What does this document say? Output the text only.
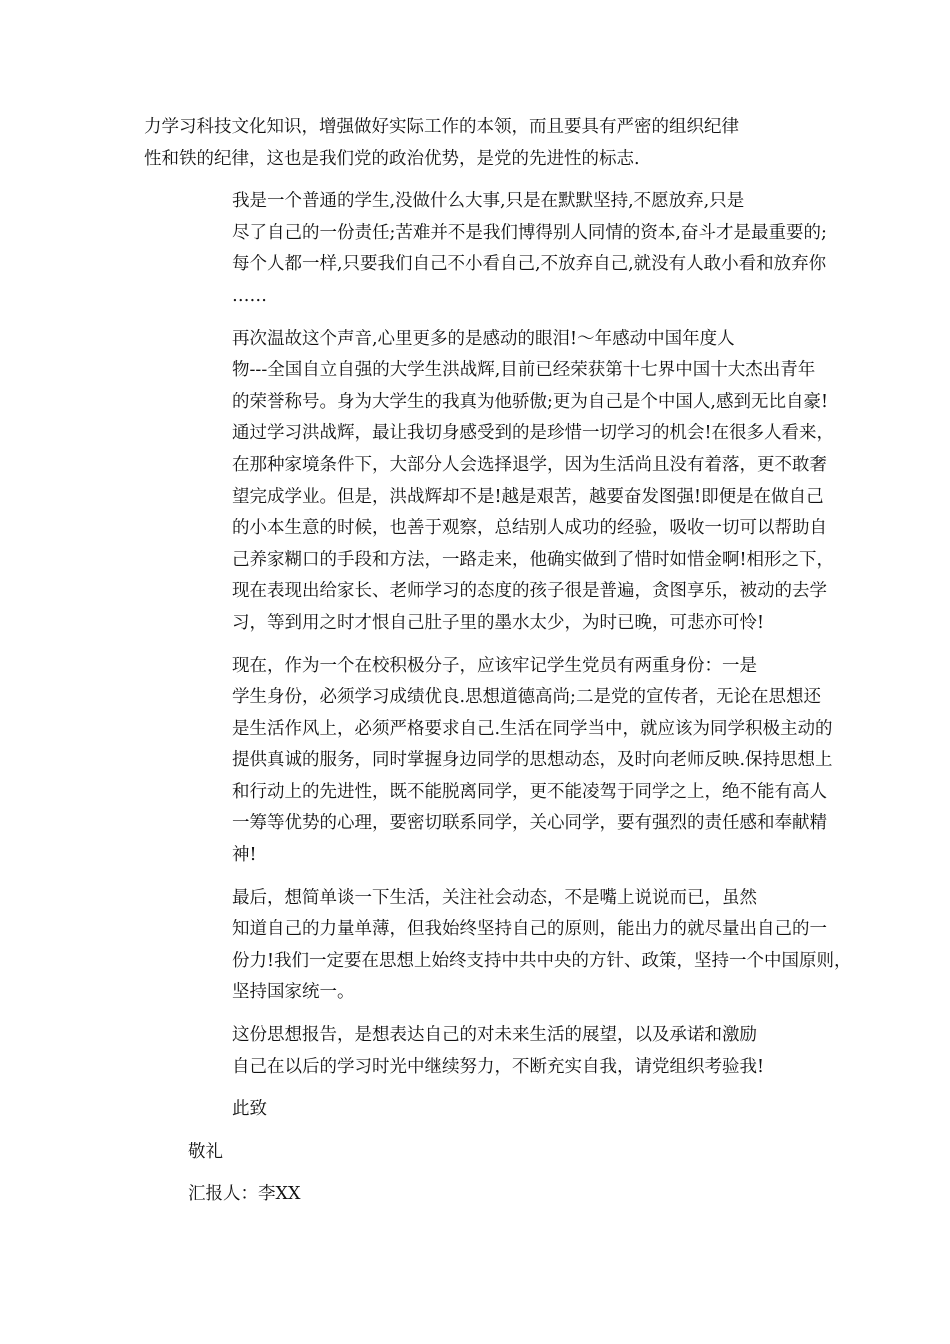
力学习科技文化知识，增强做好实际工作的本领，而且要具有严密的组织纪律
性和铁的纪律，这也是我们党的政治优势，是党的先进性的标志.

我是一个普通的学生,没做什么大事,只是在默默坚持,不愿放弃,只是
尽了自己的一份责任;苦难并不是我们博得别人同情的资本,奋斗才是最重要的;
每个人都一样,只要我们自己不小看自己,不放弃自己,就没有人敢小看和放弃你
……

再次温故这个声音,心里更多的是感动的眼泪!～年感动中国年度人
物---全国自立自强的大学生洪战辉,目前已经荣获第十七界中国十大杰出青年
的荣誉称号。身为大学生的我真为他骄傲;更为自己是个中国人,感到无比自豪!
通过学习洪战辉，最让我切身感受到的是珍惜一切学习的机会!在很多人看来，
在那种家境条件下，大部分人会选择退学，因为生活尚且没有着落，更不敢奢
望完成学业。但是，洪战辉却不是!越是艰苦，越要奋发图强!即便是在做自己
的小本生意的时候，也善于观察，总结别人成功的经验，吸收一切可以帮助自
己养家糊口的手段和方法，一路走来，他确实做到了惜时如惜金啊!相形之下，
现在表现出给家长、老师学习的态度的孩子很是普遍，贪图享乐，被动的去学
习，等到用之时才恨自己肚子里的墨水太少，为时已晚，可悲亦可怜!

现在，作为一个在校积极分子，应该牢记学生党员有两重身份：一是
学生身份，必须学习成绩优良.思想道德高尚;二是党的宣传者，无论在思想还
是生活作风上，必须严格要求自己.生活在同学当中，就应该为同学积极主动的
提供真诚的服务，同时掌握身边同学的思想动态，及时向老师反映.保持思想上
和行动上的先进性，既不能脱离同学，更不能凌驾于同学之上，绝不能有高人
一筹等优势的心理，要密切联系同学，关心同学，要有强烈的责任感和奉献精
神!

最后，想简单谈一下生活，关注社会动态，不是嘴上说说而已，虽然
知道自己的力量单薄，但我始终坚持自己的原则，能出力的就尽量出自己的一
份力!我们一定要在思想上始终支持中共中央的方针、政策，坚持一个中国原则，
坚持国家统一。

这份思想报告，是想表达自己的对未来生活的展望，以及承诺和激励
自己在以后的学习时光中继续努力，不断充实自我，请党组织考验我!

此致

敬礼

汇报人：李XX
